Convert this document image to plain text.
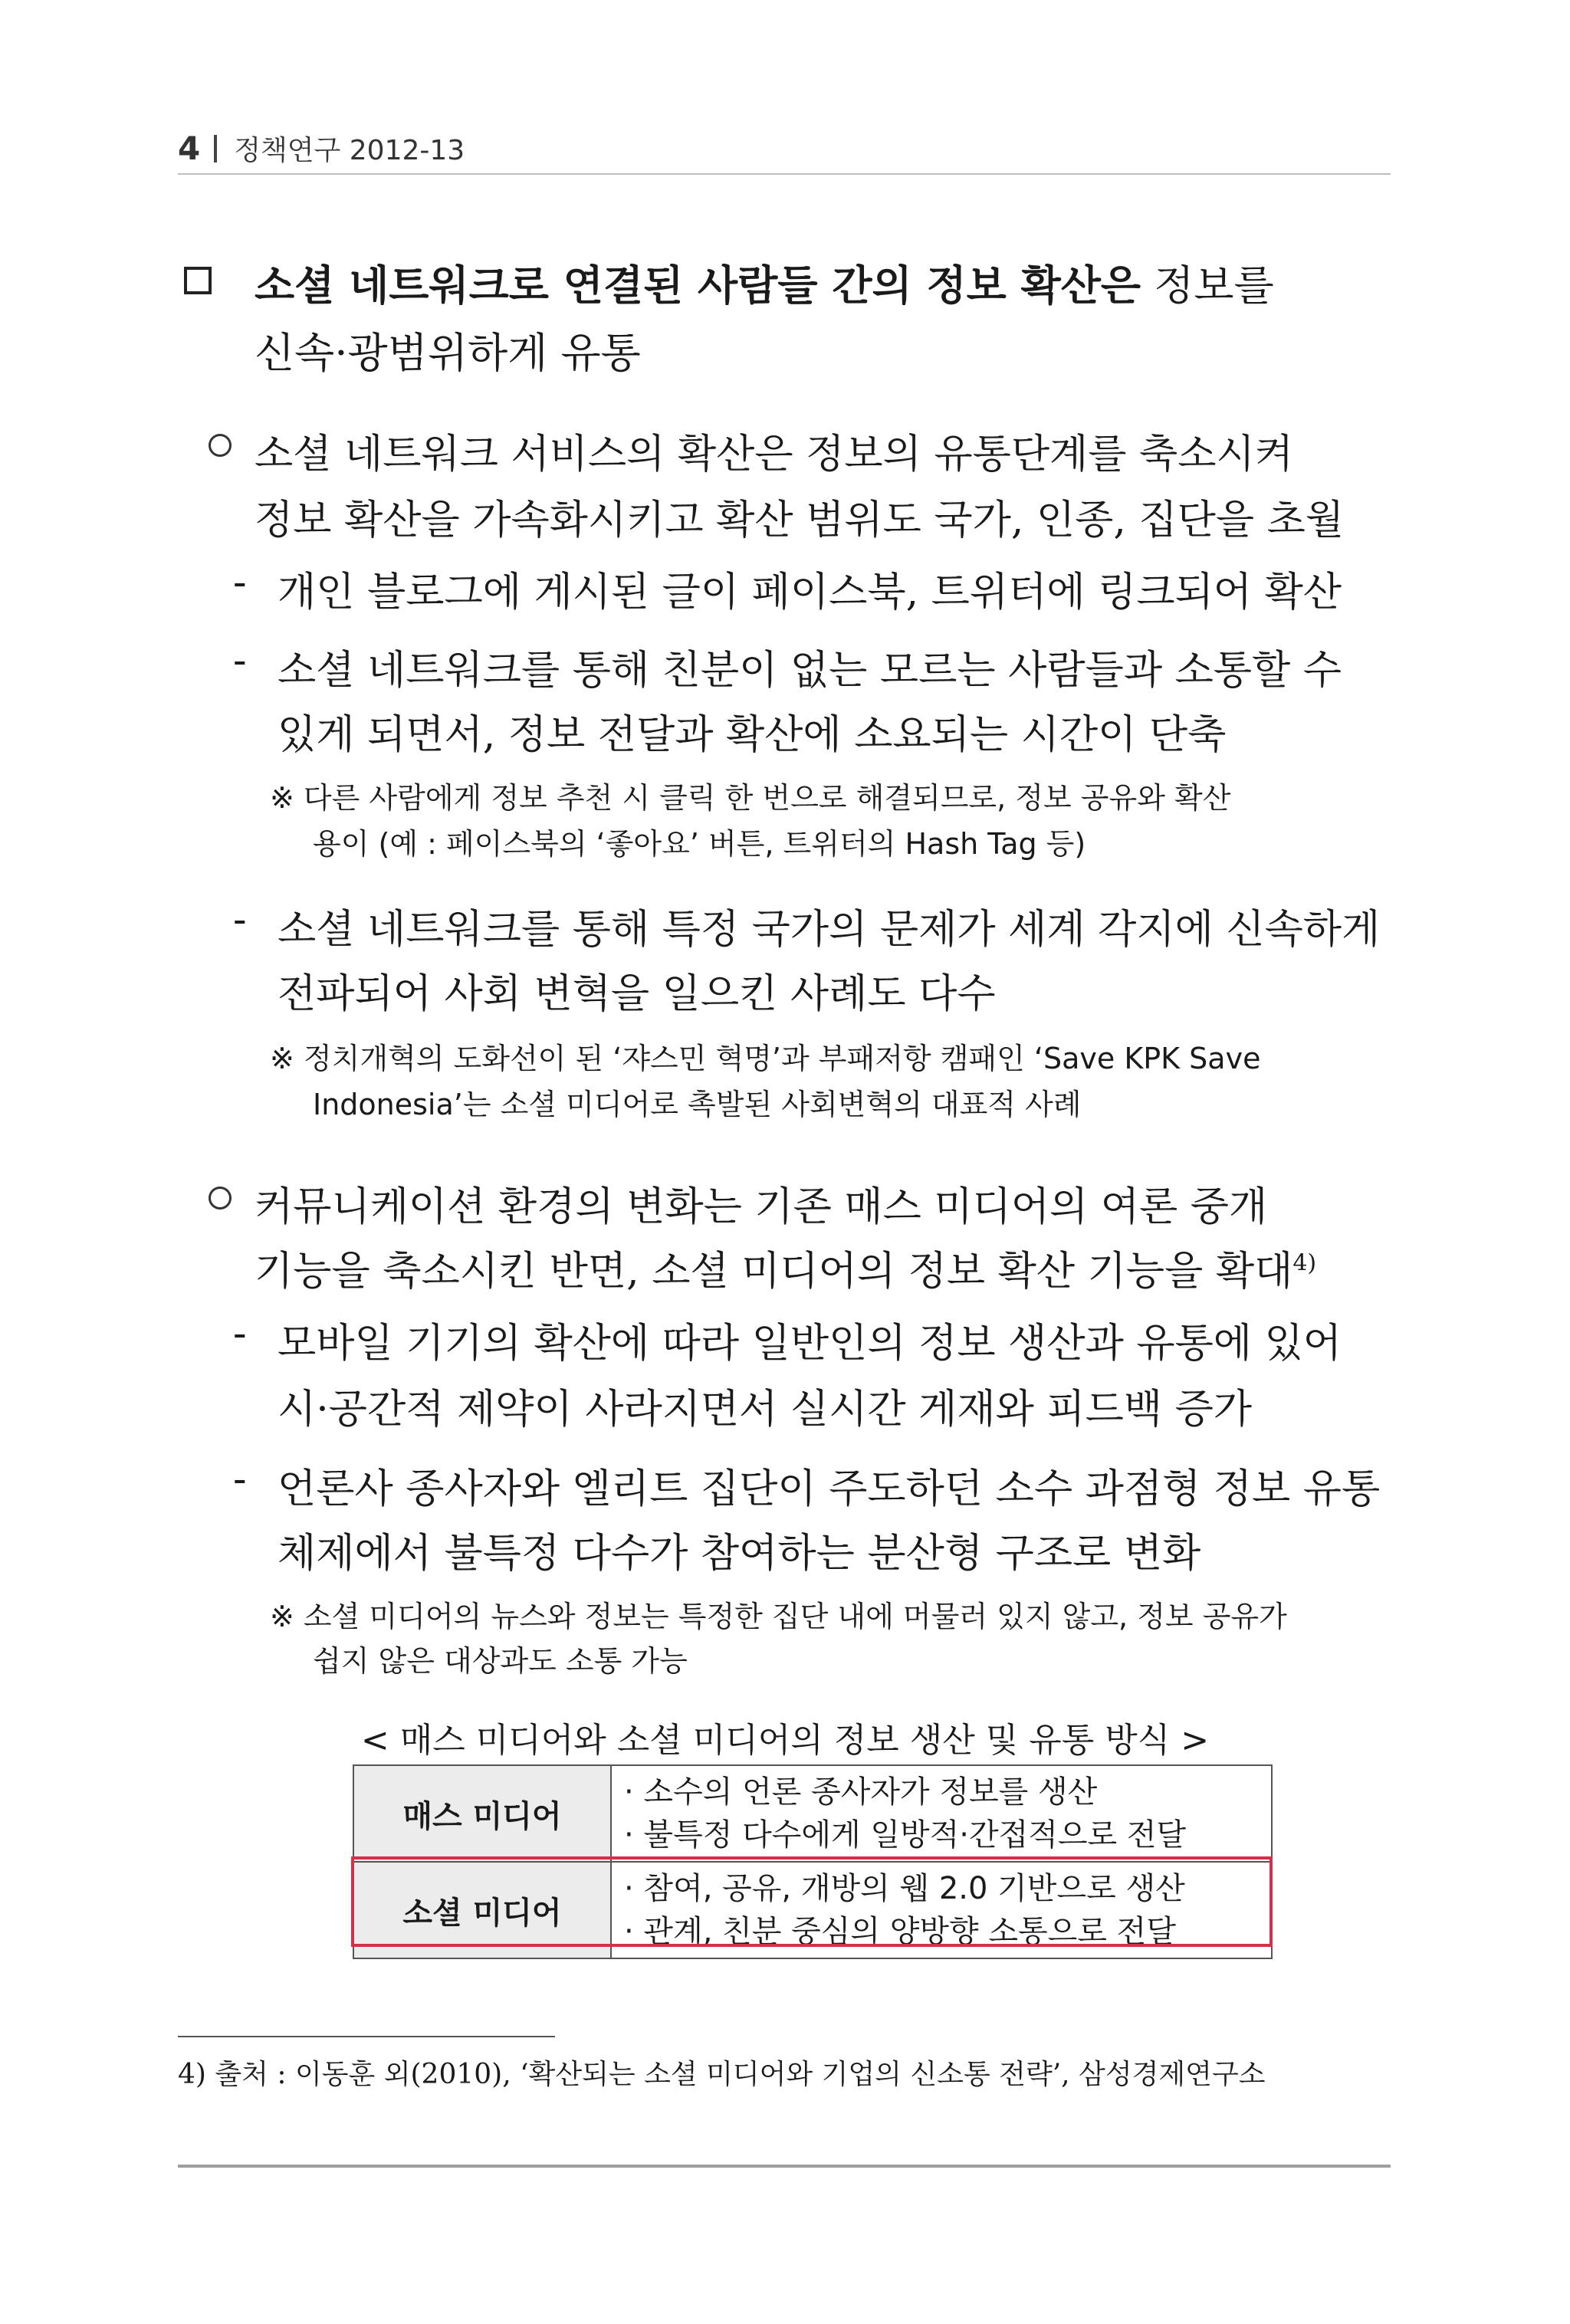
4 정책연구 2012-13
소셜 네트워크로 연결된 사람들 간의 정보 확산은 정보를
신속·광범위하게 유통
소셜 네트워크 서비스의 확산은 정보의 유통단계를 축소시켜
정보 확산을 가속화시키고 확산 범위도 국가, 인종, 집단을 초월
- 개인 블로그에 게시된 글이 페이스북, 트위터에 링크되어 확산
- 소셜 네트워크를 통해 친분이 없는 모르는 사람들과 소통할 수
있게 되면서, 정보 전달과 확산에 소요되는 시간이 단축
※ 다른 사람에게 정보 추천 시 클릭 한 번으로 해결되므로, 정보 공유와 확산
용이 (예 : 페이스북의 ‘좋아요’ 버튼, 트위터의 Hash Tag 등)
- 소셜 네트워크를 통해 특정 국가의 문제가 세계 각지에 신속하게
전파되어 사회 변혁을 일으킨 사례도 다수
※ 정치개혁의 도화선이 된 ‘쟈스민 혁명’과 부패저항 캠패인 ‘Save KPK Save
Indonesia’는 소셜 미디어로 촉발된 사회변혁의 대표적 사례
커뮤니케이션 환경의 변화는 기존 매스 미디어의 여론 중개
기능을 축소시킨 반면, 소셜 미디어의 정보 확산 기능을 확대$^{4)}$
- 모바일 기기의 확산에 따라 일반인의 정보 생산과 유통에 있어
시·공간적 제약이 사라지면서 실시간 게재와 피드백 증가
- 언론사 종사자와 엘리트 집단이 주도하던 소수 과점형 정보 유통
체제에서 불특정 다수가 참여하는 분산형 구조로 변화
※ 소셜 미디어의 뉴스와 정보는 특정한 집단 내에 머물러 있지 않고, 정보 공유가
쉽지 않은 대상과도 소통 가능
< 매스 미디어와 소셜 미디어의 정보 생산 및 유통 방식 >
매스 미디어	· 소수의 언론 종사자가 정보를 생산
· 불특정 다수에게 일방적·간접적으로 전달

소셜 미디어	· 참여, 공유, 개방의 웹 2.0 기반으로 생산
· 관계, 친분 중심의 양방향 소통으로 전달
4) 출처 : 이동훈 외(2010), ‘확산되는 소셜 미디어와 기업의 신소통 전략’, 삼성경제연구소
